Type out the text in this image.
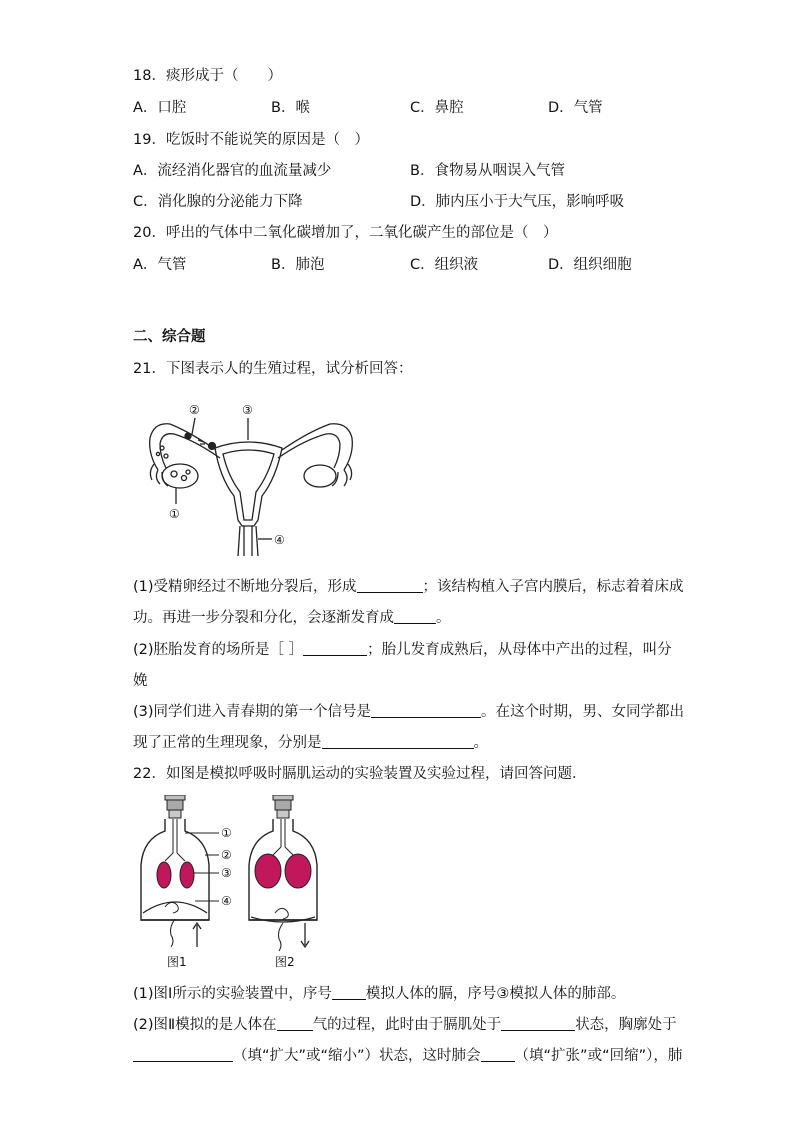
18．痰形成于（　　）
A．口腔	B．喉	C．鼻腔	D．气管
19．吃饭时不能说笑的原因是（　）
A．流经消化器官的血流量减少	B．食物易从咽误入气管
C．消化腺的分泌能力下降	D．肺内压小于大气压，影响呼吸
20．呼出的气体中二氧化碳增加了，二氧化碳产生的部位是（　）
A．气管	B．肺泡	C．组织液	D．组织细胞
二、综合题
21．下图表示人的生殖过程，试分析回答：
②	③
①
④
(1)受精卵经过不断地分裂后，形成	；该结构植入子宫内膜后，标志着着床成
功。再进一步分裂和分化，会逐渐发育成	。
(2)胚胎发育的场所是［ ］	；胎儿发育成熟后，从母体中产出的过程，叫分
娩
(3)同学们进入青春期的第一个信号是	。在这个时期，男、女同学都出
现了正常的生理现象，分别是	。
22．如图是模拟呼吸时膈肌运动的实验装置及实验过程，请回答问题．
①
②
③
④
图1	图2
(1)图Ⅰ所示的实验装置中，序号 模拟人体的膈，序号③模拟人体的肺部。
(2)图Ⅱ模拟的是人体在 气的过程，此时由于膈肌处于	状态，胸廓处于
（填“扩大”或“缩小”）状态，这时肺会 （填“扩张”或“回缩”），肺
